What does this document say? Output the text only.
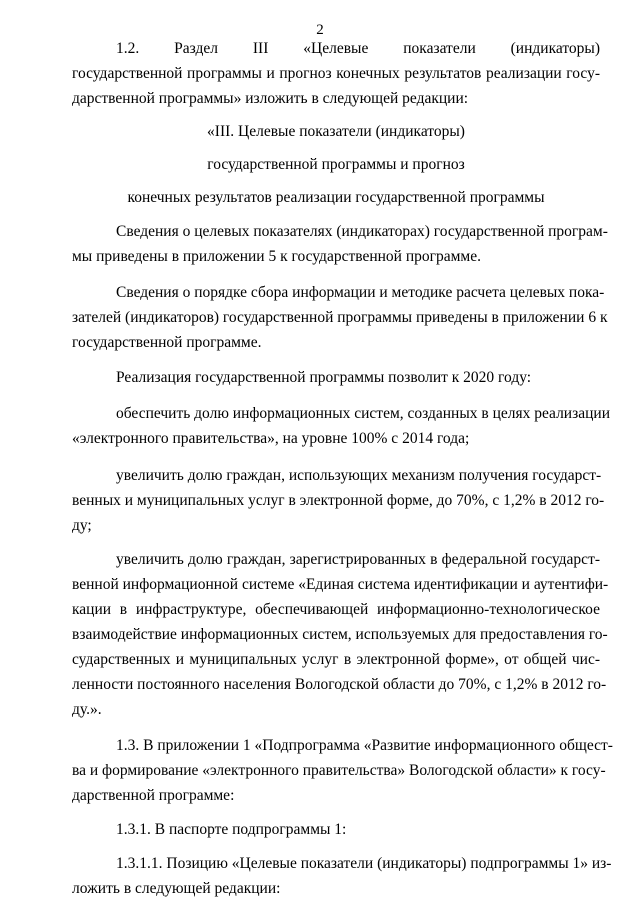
2
1.2. Раздел III «Целевые показатели (индикаторы)
государственной программы и прогноз конечных результатов реализации госу-
дарственной программы» изложить в следующей редакции:
«III. Целевые показатели (индикаторы)
государственной программы и прогноз
конечных результатов реализации государственной программы
Сведения о целевых показателях (индикаторах) государственной програм-
мы приведены в приложении 5 к государственной программе.
Сведения о порядке сбора информации и методике расчета целевых пока-
зателей (индикаторов) государственной программы приведены в приложении 6 к
государственной программе.
Реализация государственной программы позволит к 2020 году:
обеспечить долю информационных систем, созданных в целях реализации
«электронного правительства», на уровне 100% с 2014 года;
увеличить долю граждан, использующих механизм получения государст-
венных и муниципальных услуг в электронной форме, до 70%, с 1,2% в 2012 го-
ду;
увеличить долю граждан, зарегистрированных в федеральной государст-
венной информационной системе «Единая система идентификации и аутентифи-
кации в инфраструктуре, обеспечивающей информационно-технологическое
взаимодействие информационных систем, используемых для предоставления го-
сударственных и муниципальных услуг в электронной форме», от общей чис-
ленности постоянного населения Вологодской области до 70%, с 1,2% в 2012 го-
ду.».
1.3. В приложении 1 «Подпрограмма «Развитие информационного общест-
ва и формирование «электронного правительства» Вологодской области» к госу-
дарственной программе:
1.3.1. В паспорте подпрограммы 1:
1.3.1.1. Позицию «Целевые показатели (индикаторы) подпрограммы 1» из-
ложить в следующей редакции:
